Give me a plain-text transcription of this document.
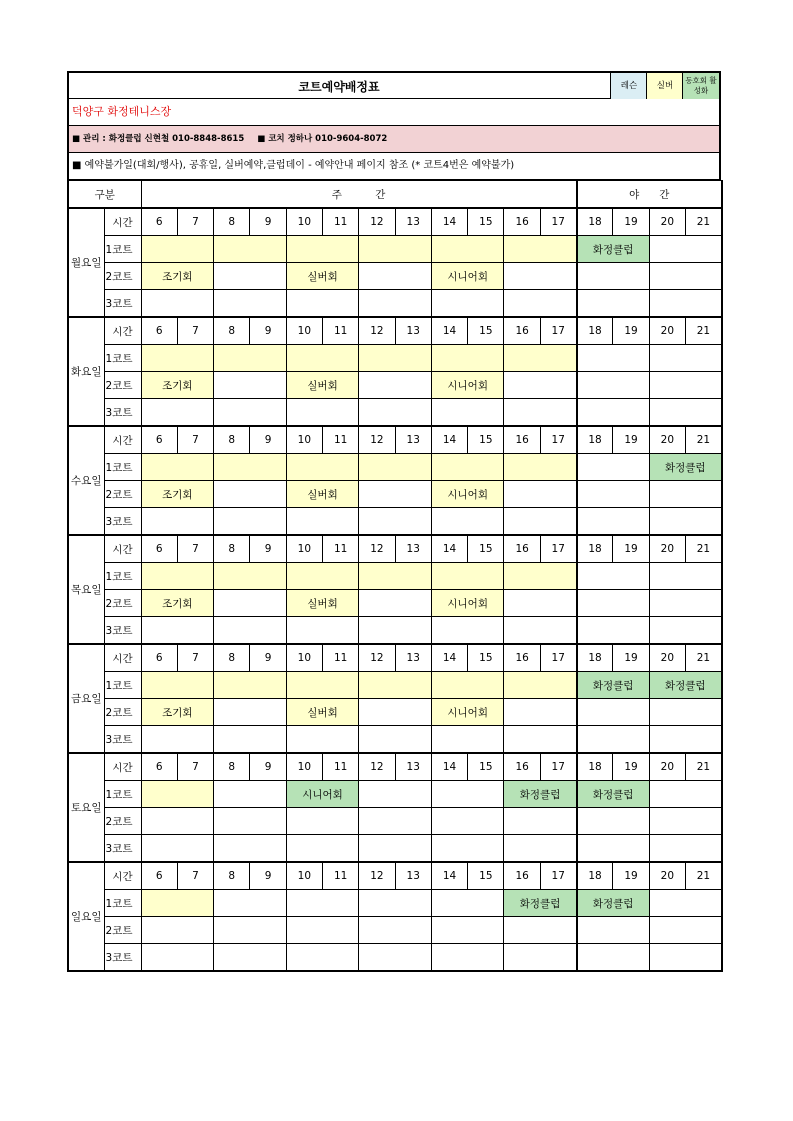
코트예약배정표	레슨	실버
동호회 활성화
덕양구 화정테니스장
■ 관리 : 화정클럽 신현철 010-8848-8615 ■ 코치 정하나 010-9604-8072
■ 예약불가일(대회/행사), 공휴일, 실버예약,클럽데이 - 예약안내 페이지 참조 (* 코트4번은 예약불가)
구분		주          간												야      간			
월요일	시간	6	7	8	9	10	11	12	13	14	15	16	17	18	19	20	21
	1코트													화정클럽			
	2코트	조기회				실버회				시니어회							
	3코트																
화요일	시간	6	7	8	9	10	11	12	13	14	15	16	17	18	19	20	21
	1코트																
	2코트	조기회				실버회				시니어회							
	3코트																
수요일	시간	6	7	8	9	10	11	12	13	14	15	16	17	18	19	20	21
	1코트															화정클럽	
	2코트	조기회				실버회				시니어회							
	3코트																
목요일	시간	6	7	8	9	10	11	12	13	14	15	16	17	18	19	20	21
	1코트																
	2코트	조기회				실버회				시니어회							
	3코트																
금요일	시간	6	7	8	9	10	11	12	13	14	15	16	17	18	19	20	21
	1코트													화정클럽		화정클럽	
	2코트	조기회				실버회				시니어회							
	3코트																
토요일	시간	6	7	8	9	10	11	12	13	14	15	16	17	18	19	20	21
	1코트					시니어회						화정클럽		화정클럽			
	2코트																
	3코트																
일요일	시간	6	7	8	9	10	11	12	13	14	15	16	17	18	19	20	21
	1코트											화정클럽		화정클럽			
	2코트																
	3코트																
